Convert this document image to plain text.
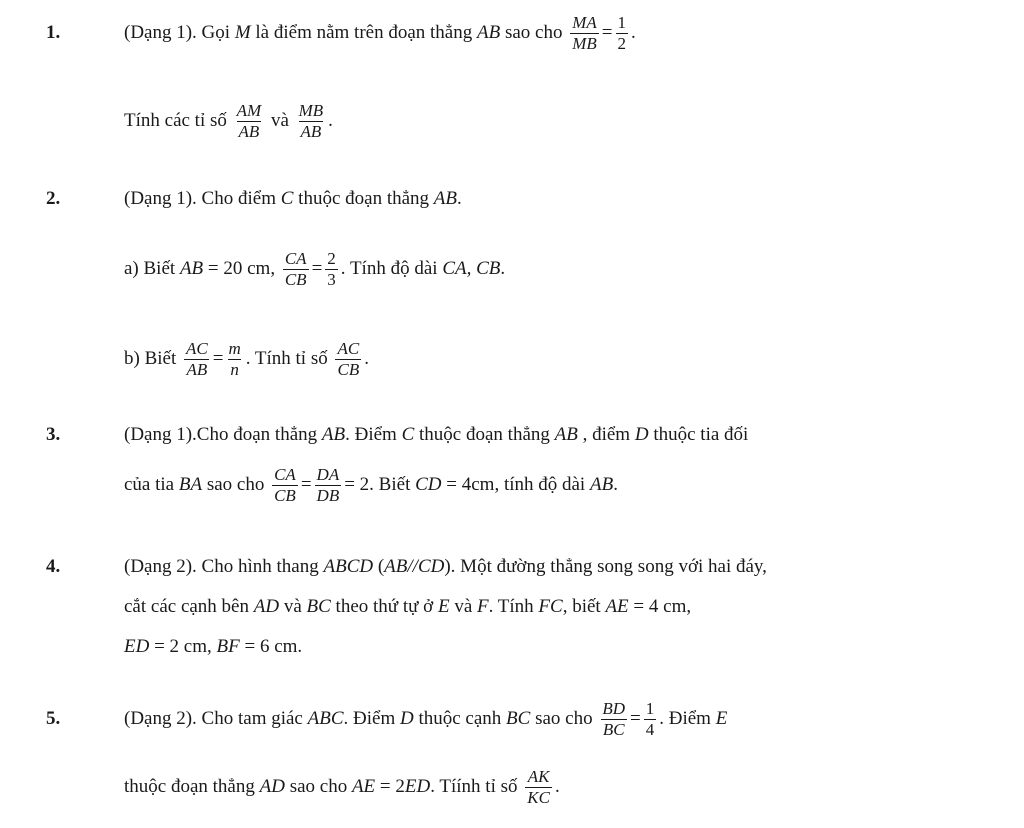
1.	(Dạng 1). Gọi M là điểm nằm trên đoạn thẳng AB sao cho $\frac{MA}{MB} = \frac{1}{2}$ .
Tính các tỉ số $\frac{AM}{AB}$ và $\frac{MB}{AB}$ .
2.	(Dạng 1). Cho điểm C thuộc đoạn thẳng AB .
a) Biết AB = 20 cm, $\frac{CA}{CB} = \frac{2}{3}$ . Tính độ dài CA, CB .
b) Biết $\frac{AC}{AB} = \frac{m}{n}$ . Tính tỉ số $\frac{AC}{CB}$ .
3.	(Dạng 1).Cho đoạn thẳng AB . Điểm C thuộc đoạn thẳng AB , điểm D thuộc tia đối
của tia BA sao cho $\frac{CA}{CB} = \frac{DA}{DB} = 2$. Biết CD = 4cm, tính độ dài AB .
4.	(Dạng 2). Cho hình thang ABCD ( AB//CD ). Một đường thẳng song song với hai đáy,
cắt các cạnh bên AD và BC theo thứ tự ở E và F . Tính FC , biết AE = 4 cm,
ED = 2 cm, BF = 6 cm.
5.	(Dạng 2). Cho tam giác ABC . Điểm D thuộc cạnh BC sao cho $\frac{BD}{BC} = \frac{1}{4}$ . Điểm E
thuộc đoạn thẳng AD sao cho AE = 2 ED . Tíính tỉ số $\frac{AK}{KC}$ .
